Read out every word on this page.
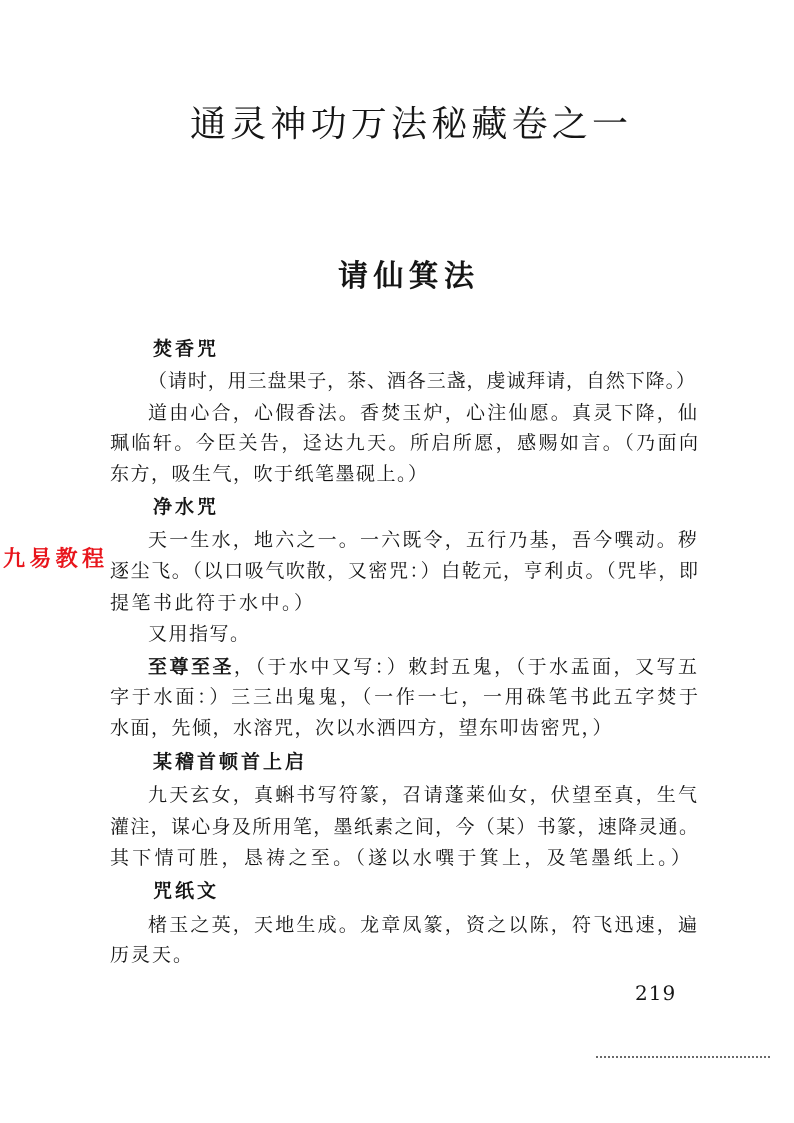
通灵神功万法秘藏卷之一
请仙箕法
焚香咒
（请时，用三盘果子，茶、酒各三盏，虔诚拜请，自然下降。）
道由心合，心假香法。香焚玉炉，心注仙愿。真灵下降，仙
珮临轩。今臣关告，迳达九天。所启所愿，感赐如言。（乃面向
东方，吸生气，吹于纸笔墨砚上。）
净水咒
天一生水，地六之一。一六既令，五行乃基，吾今噀动。秽
逐尘飞。（以口吸气吹散，又密咒：）白乾元，亨利贞。（咒毕，即
提笔书此符于水中。）
又用指写。
至尊至圣，（于水中又写：）敕封五鬼，（于水盂面，又写五
字于水面：）三三出鬼鬼，（一作一七，一用硃笔书此五字焚于
水面，先倾，水溶咒，次以水洒四方，望东叩齿密咒，）
某稽首顿首上启
九天玄女，真蝌书写符篆，召请蓬莱仙女，伏望至真，生气
灌注，谋心身及所用笔，墨纸素之间，今（某）书篆，速降灵通。
其下情可胜，恳祷之至。（遂以水噀于箕上，及笔墨纸上。）
咒纸文
楮玉之英，天地生成。龙章凤篆，资之以陈，符飞迅速，遍
历灵天。
219
九易教程
